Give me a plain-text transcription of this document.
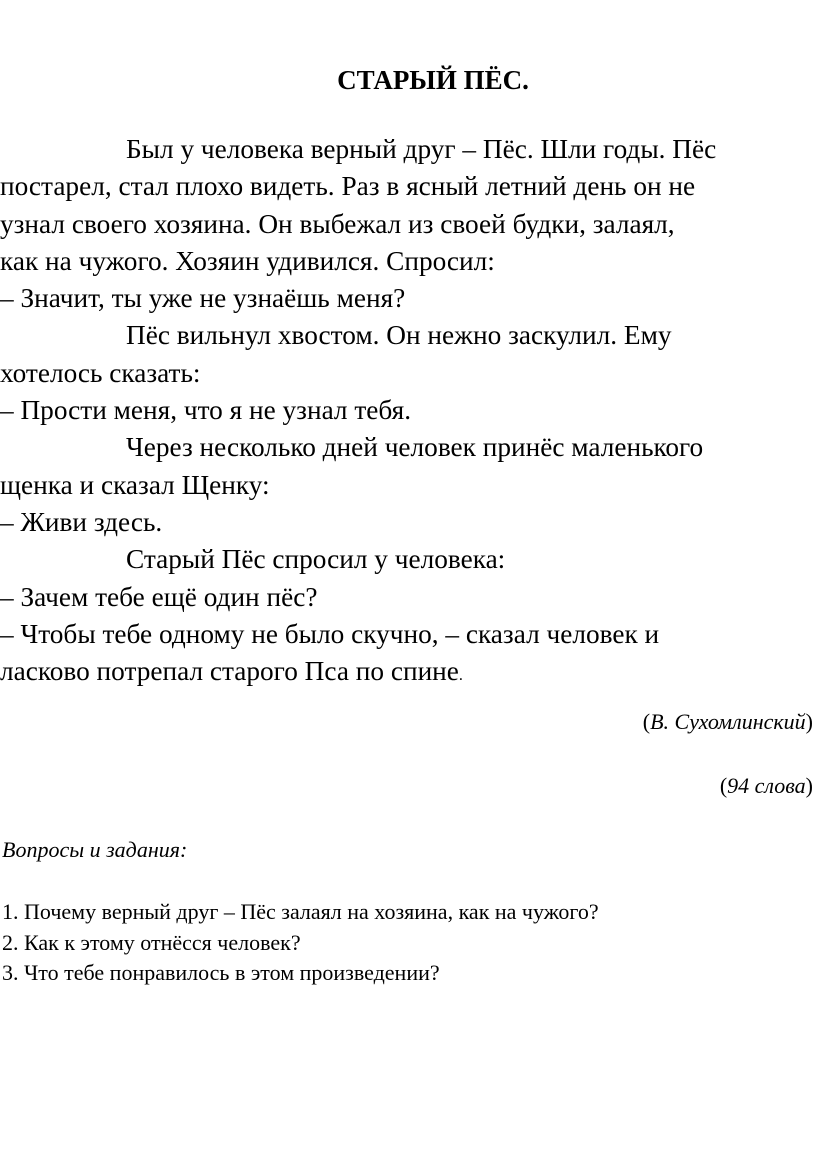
СТАРЫЙ ПЁС.
Был у человека верный друг – Пёс. Шли годы. Пёс
постарел, стал плохо видеть. Раз в ясный летний день он не
узнал своего хозяина. Он выбежал из своей будки, залаял,
как на чужого. Хозяин удивился. Спросил:
– Значит, ты уже не узнаёшь меня?
Пёс вильнул хвостом. Он нежно заскулил. Ему
хотелось сказать:
– Прости меня, что я не узнал тебя.
Через несколько дней человек принёс маленького
щенка и сказал Щенку:
– Живи здесь.
Старый Пёс спросил у человека:
– Зачем тебе ещё один пёс?
– Чтобы тебе одному не было скучно, – сказал человек и
ласково потрепал старого Пса по спине.
(В. Сухомлинский)
(94 слова)
Вопросы и задания:
1. Почему верный друг – Пёс залаял на хозяина, как на чужого?
2. Как к этому отнёсся человек?
3. Что тебе понравилось в этом произведении?
